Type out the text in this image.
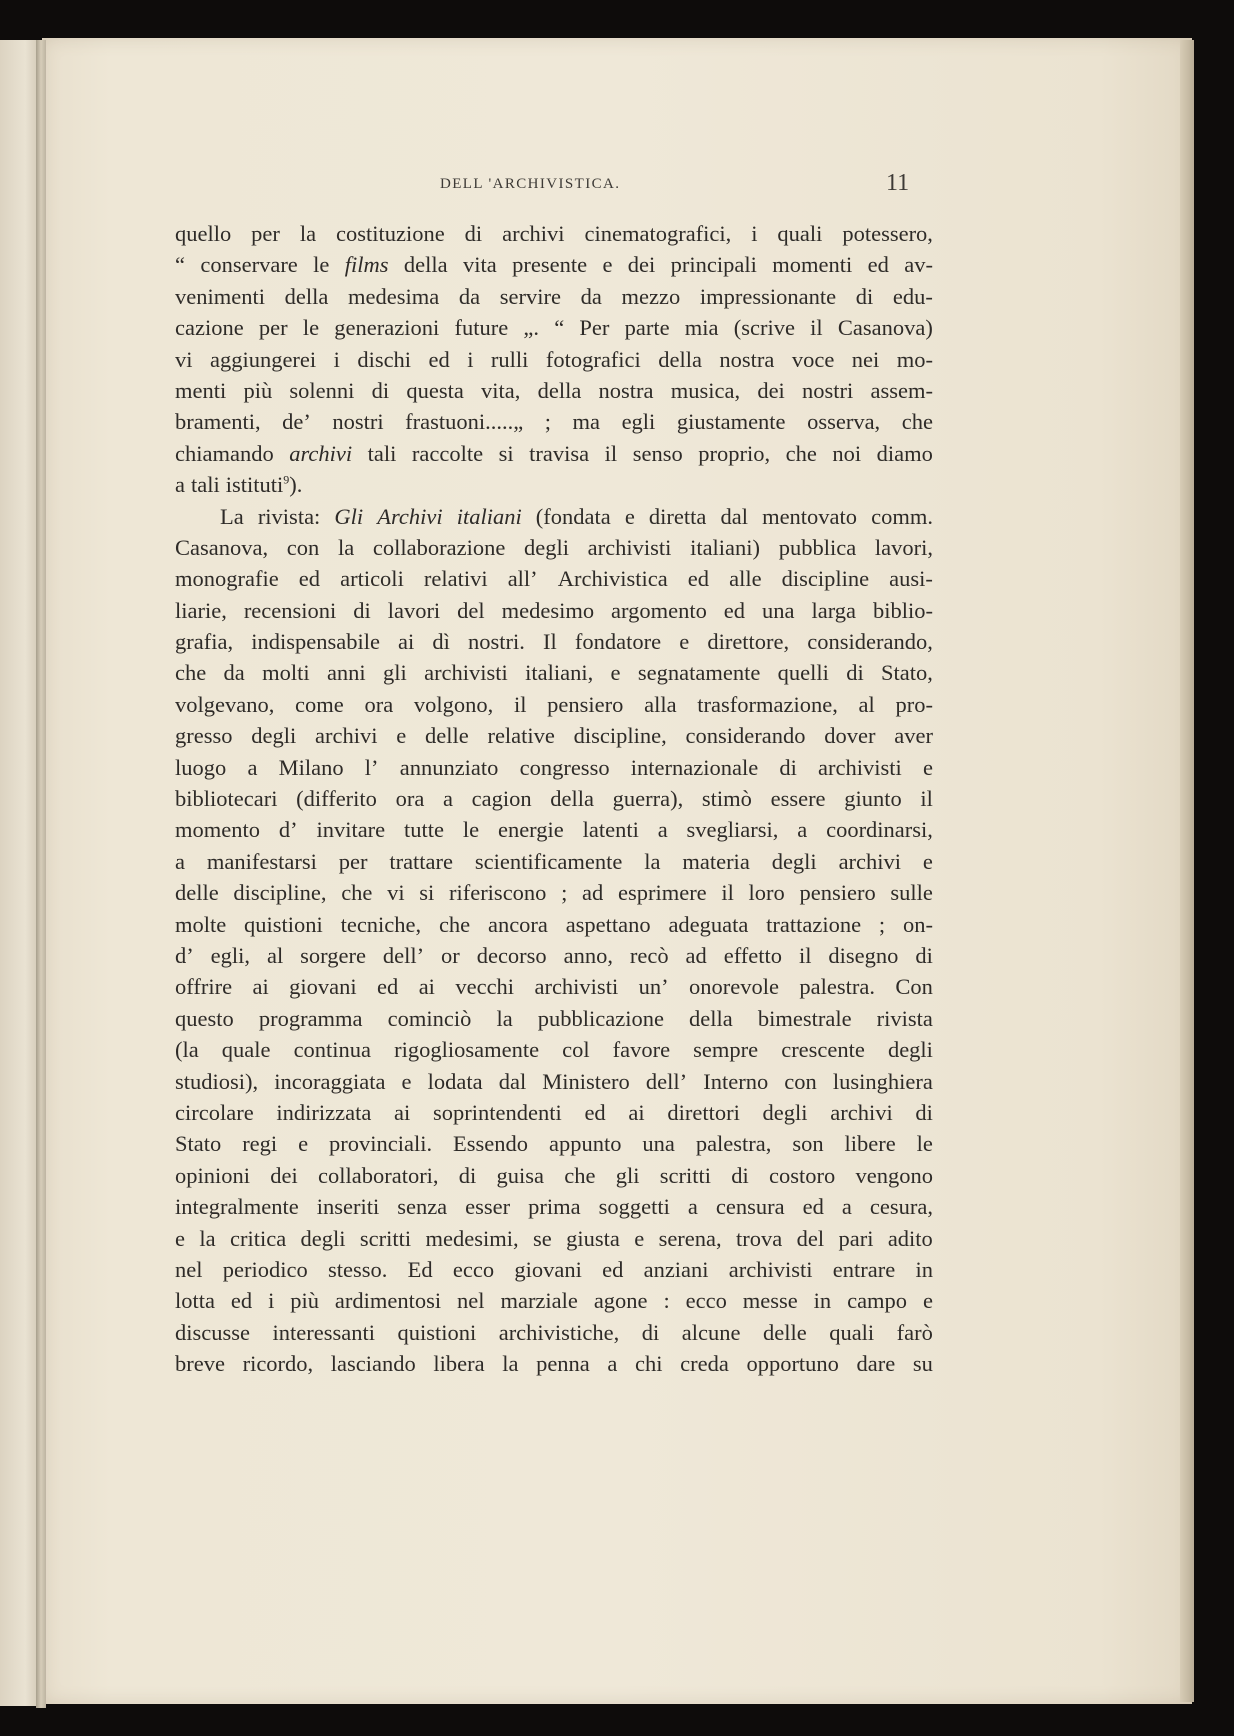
DELL 'ARCHIVISTICA.	11
quello per la costituzione di archivi cinematografici, i quali potessero,
“ conservare le films della vita presente e dei principali momenti ed av-
venimenti della medesima da servire da mezzo impressionante di edu-
cazione per le generazioni future „. “ Per parte mia (scrive il Casanova)
vi aggiungerei i dischi ed i rulli fotografici della nostra voce nei mo-
menti più solenni di questa vita, della nostra musica, dei nostri assem-
bramenti, de’ nostri frastuoni.....„ ; ma egli giustamente osserva, che
chiamando archivi tali raccolte si travisa il senso proprio, che noi diamo
a tali istituti$^9$).
La rivista: Gli Archivi italiani (fondata e diretta dal mentovato comm.
Casanova, con la collaborazione degli archivisti italiani) pubblica lavori,
monografie ed articoli relativi all’ Archivistica ed alle discipline ausi-
liarie, recensioni di lavori del medesimo argomento ed una larga biblio-
grafia, indispensabile ai dì nostri. Il fondatore e direttore, considerando,
che da molti anni gli archivisti italiani, e segnatamente quelli di Stato,
volgevano, come ora volgono, il pensiero alla trasformazione, al pro-
gresso degli archivi e delle relative discipline, considerando dover aver
luogo a Milano l’ annunziato congresso internazionale di archivisti e
bibliotecari (differito ora a cagion della guerra), stimò essere giunto il
momento d’ invitare tutte le energie latenti a svegliarsi, a coordinarsi,
a manifestarsi per trattare scientificamente la materia degli archivi e
delle discipline, che vi si riferiscono ; ad esprimere il loro pensiero sulle
molte quistioni tecniche, che ancora aspettano adeguata trattazione ; on-
d’ egli, al sorgere dell’ or decorso anno, recò ad effetto il disegno di
offrire ai giovani ed ai vecchi archivisti un’ onorevole palestra. Con
questo programma cominciò la pubblicazione della bimestrale rivista
(la quale continua rigogliosamente col favore sempre crescente degli
studiosi), incoraggiata e lodata dal Ministero dell’ Interno con lusinghiera
circolare indirizzata ai soprintendenti ed ai direttori degli archivi di
Stato regi e provinciali. Essendo appunto una palestra, son libere le
opinioni dei collaboratori, di guisa che gli scritti di costoro vengono
integralmente inseriti senza esser prima soggetti a censura ed a cesura,
e la critica degli scritti medesimi, se giusta e serena, trova del pari adito
nel periodico stesso. Ed ecco giovani ed anziani archivisti entrare in
lotta ed i più ardimentosi nel marziale agone : ecco messe in campo e
discusse interessanti quistioni archivistiche, di alcune delle quali farò
breve ricordo, lasciando libera la penna a chi creda opportuno dare su
